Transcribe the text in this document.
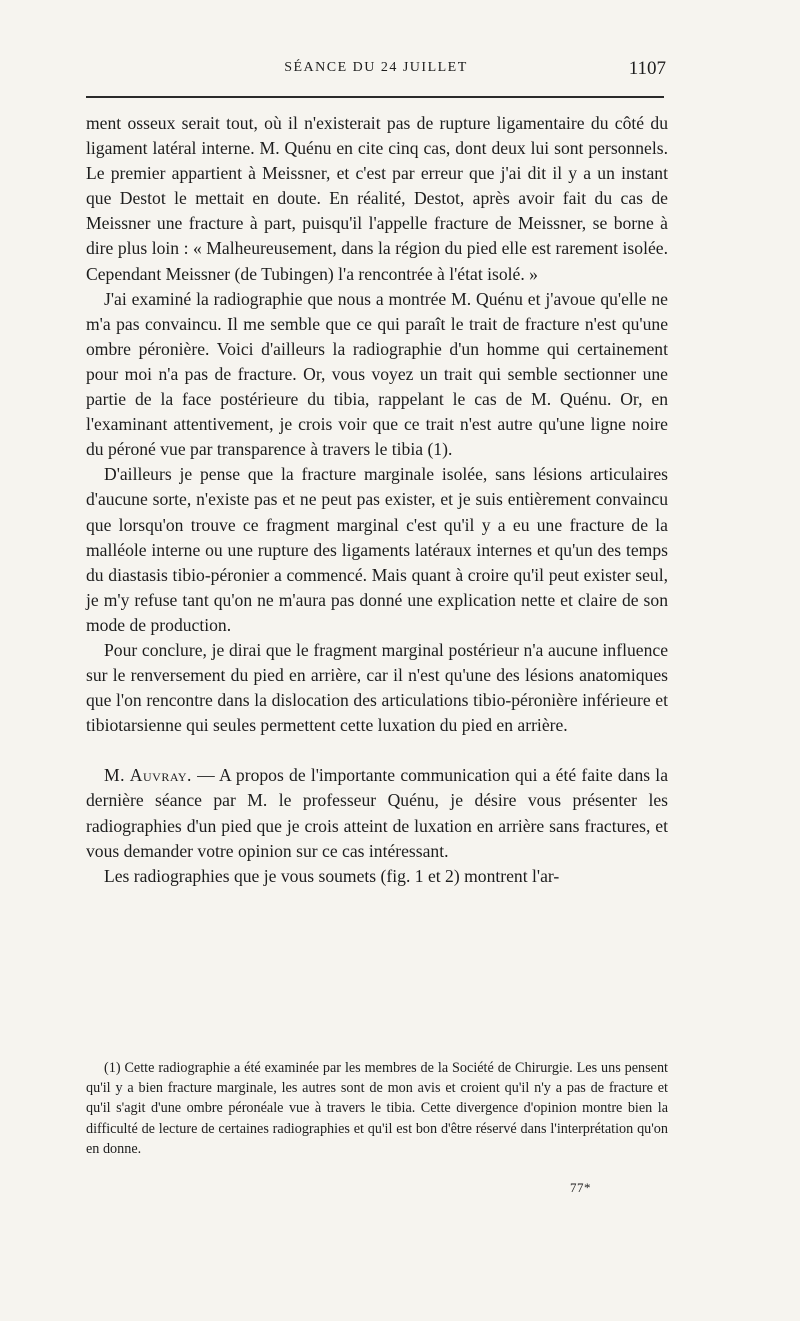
SÉANCE DU 24 JUILLET	1107

ment osseux serait tout, où il n'existerait pas de rupture ligamentaire du côté du ligament latéral interne. M. Quénu en cite cinq cas, dont deux lui sont personnels. Le premier appartient à Meissner, et c'est par erreur que j'ai dit il y a un instant que Destot le mettait en doute. En réalité, Destot, après avoir fait du cas de Meissner une fracture à part, puisqu'il l'appelle fracture de Meissner, se borne à dire plus loin : « Malheureusement, dans la région du pied elle est rarement isolée. Cependant Meissner (de Tubingen) l'a rencontrée à l'état isolé. »

J'ai examiné la radiographie que nous a montrée M. Quénu et j'avoue qu'elle ne m'a pas convaincu. Il me semble que ce qui paraît le trait de fracture n'est qu'une ombre péronière. Voici d'ailleurs la radiographie d'un homme qui certainement pour moi n'a pas de fracture. Or, vous voyez un trait qui semble sectionner une partie de la face postérieure du tibia, rappelant le cas de M. Quénu. Or, en l'examinant attentivement, je crois voir que ce trait n'est autre qu'une ligne noire du péroné vue par transparence à travers le tibia (1).

D'ailleurs je pense que la fracture marginale isolée, sans lésions articulaires d'aucune sorte, n'existe pas et ne peut pas exister, et je suis entièrement convaincu que lorsqu'on trouve ce fragment marginal c'est qu'il y a eu une fracture de la malléole interne ou une rupture des ligaments latéraux internes et qu'un des temps du diastasis tibio-péronier a commencé. Mais quant à croire qu'il peut exister seul, je m'y refuse tant qu'on ne m'aura pas donné une explication nette et claire de son mode de production.

Pour conclure, je dirai que le fragment marginal postérieur n'a aucune influence sur le renversement du pied en arrière, car il n'est qu'une des lésions anatomiques que l'on rencontre dans la dislocation des articulations tibio-péronière inférieure et tibiotarsienne qui seules permettent cette luxation du pied en arrière.

M. Auvray. — A propos de l'importante communication qui a été faite dans la dernière séance par M. le professeur Quénu, je désire vous présenter les radiographies d'un pied que je crois atteint de luxation en arrière sans fractures, et vous demander votre opinion sur ce cas intéressant.

Les radiographies que je vous soumets (fig. 1 et 2) montrent l'ar-

(1) Cette radiographie a été examinée par les membres de la Société de Chirurgie. Les uns pensent qu'il y a bien fracture marginale, les autres sont de mon avis et croient qu'il n'y a pas de fracture et qu'il s'agit d'une ombre péronéale vue à travers le tibia. Cette divergence d'opinion montre bien la difficulté de lecture de certaines radiographies et qu'il est bon d'être réservé dans l'interprétation qu'on en donne.

77*
